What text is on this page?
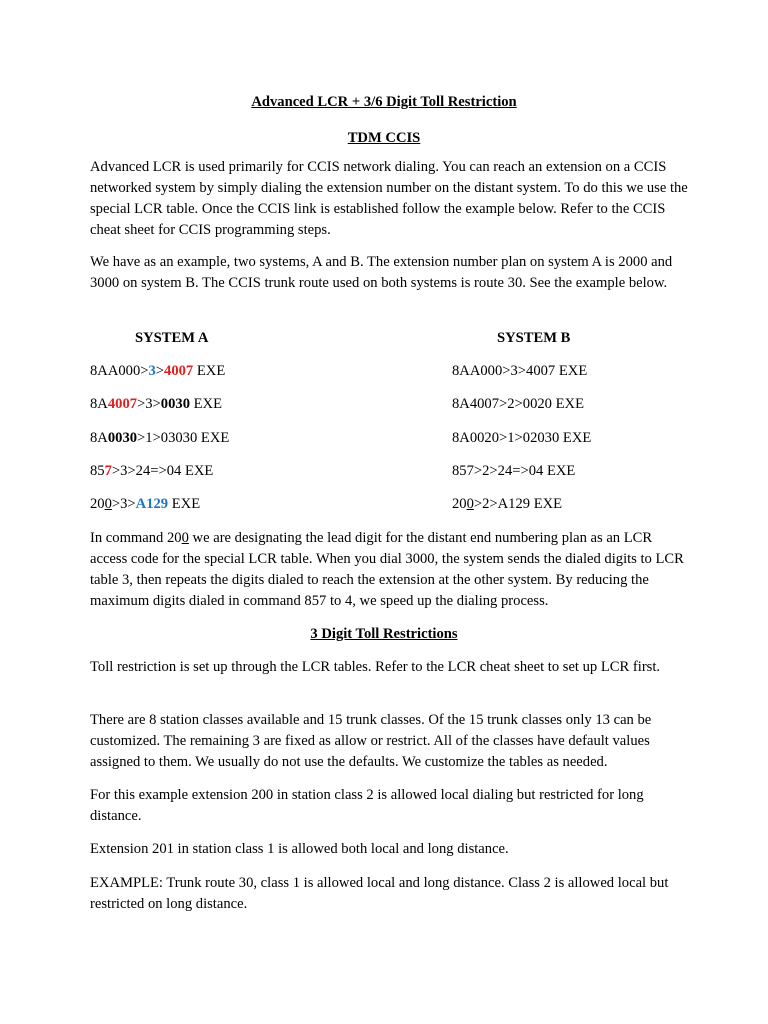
Advanced LCR + 3/6 Digit Toll Restriction

TDM CCIS

Advanced LCR is used primarily for CCIS network dialing. You can reach an extension on a CCIS networked system by simply dialing the extension number on the distant system. To do this we use the special LCR table. Once the CCIS link is established follow the example below. Refer to the CCIS cheat sheet for CCIS programming steps.

We have as an example, two systems, A and B. The extension number plan on system A is 2000 and 3000 on system B. The CCIS trunk route used on both systems is route 30. See the example below.

SYSTEM A	SYSTEM B
8AA000>3>4007 EXE
8A4007>3>0030 EXE
8A0030>1>03030 EXE
857>3>24=>04 EXE
200>3>A129 EXE
8AA000>3>4007 EXE
8A4007>2>0020 EXE
8A0020>1>02030 EXE
857>2>24=>04 EXE
200>2>A129 EXE

In command 200 we are designating the lead digit for the distant end numbering plan as an LCR access code for the special LCR table. When you dial 3000, the system sends the dialed digits to LCR table 3, then repeats the digits dialed to reach the extension at the other system. By reducing the maximum digits dialed in command 857 to 4, we speed up the dialing process.

3 Digit Toll Restrictions

Toll restriction is set up through the LCR tables. Refer to the LCR cheat sheet to set up LCR first.

There are 8 station classes available and 15 trunk classes. Of the 15 trunk classes only 13 can be customized. The remaining 3 are fixed as allow or restrict. All of the classes have default values assigned to them. We usually do not use the defaults. We customize the tables as needed.

For this example extension 200 in station class 2 is allowed local dialing but restricted for long distance.

Extension 201 in station class 1 is allowed both local and long distance.

EXAMPLE: Trunk route 30, class 1 is allowed local and long distance. Class 2 is allowed local but restricted on long distance.
